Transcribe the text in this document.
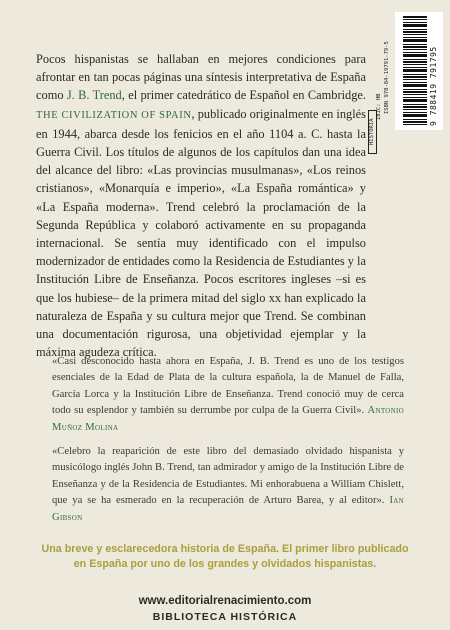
9 788419 791795
ISBN 978-84-19791-79-5
IBIC: HB
HISTORIA

Pocos hispanistas se hallaban en mejores condiciones para afrontar en tan pocas páginas una síntesis interpretativa de España como J. B. Trend, el primer catedrático de Español en Cambridge. THE CIVILIZATION OF SPAIN, publicado originalmente en inglés en 1944, abarca desde los fenicios en el año 1104 a. C. hasta la Guerra Civil. Los títulos de algunos de los capítulos dan una idea del alcance del libro: «Las provincias musulmanas», «Los reinos cristianos», «Monarquía e imperio», «La España romántica» y «La España moderna». Trend celebró la proclamación de la Segunda República y colaboró activamente en su propaganda internacional. Se sentía muy identificado con el impulso modernizador de entidades como la Residencia de Estudiantes y la Institución Libre de Enseñanza. Pocos escritores ingleses –si es que los hubiese– de la primera mitad del siglo xx han explicado la naturaleza de España y su cultura mejor que Trend. Se combinan una documentación rigurosa, una objetividad ejemplar y la máxima agudeza crítica.

«Casi desconocido hasta ahora en España, J. B. Trend es uno de los testigos esenciales de la Edad de Plata de la cultura española, la de Manuel de Falla, García Lorca y la Institución Libre de Enseñanza. Trend conoció muy de cerca todo su esplendor y también su derrumbe por culpa de la Guerra Civil». Antonio Muñoz Molina

«Celebro la reaparición de este libro del demasiado olvidado hispanista y musicólogo inglés John B. Trend, tan admirador y amigo de la Institución Libre de Enseñanza y de la Residencia de Estudiantes. Mi enhorabuena a William Chislett, que ya se ha esmerado en la recuperación de Arturo Barea, y al editor». Ian Gibson

Una breve y esclarecedora historia de España. El primer libro publicado
en España por uno de los grandes y olvidados hispanistas.
www.editorialrenacimiento.com
BIBLIOTECA HISTÓRICA
